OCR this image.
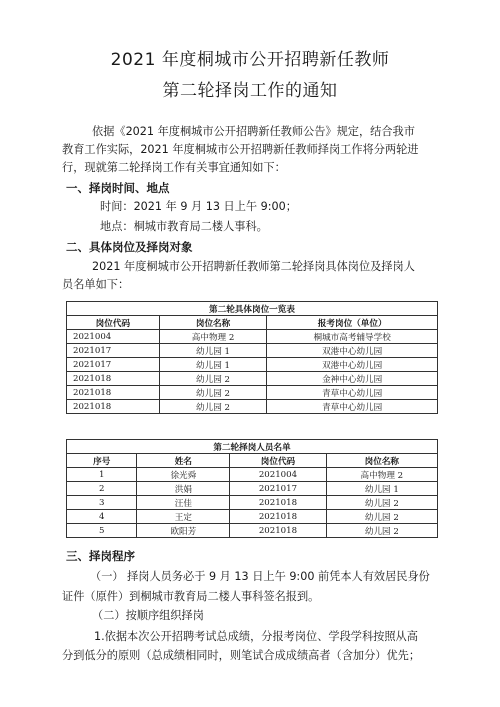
2021 年度桐城市公开招聘新任教师
第二轮择岗工作的通知
依据《2021 年度桐城市公开招聘新任教师公告》规定，结合我市
教育工作实际，2021 年度桐城市公开招聘新任教师择岗工作将分两轮进
行，现就第二轮择岗工作有关事宜通知如下：
一、择岗时间、地点
时间：2021 年 9 月 13 日上午 9:00；
地点：桐城市教育局二楼人事科。
二、具体岗位及择岗对象
2021 年度桐城市公开招聘新任教师第二轮择岗具体岗位及择岗人
员名单如下：
第二轮具体岗位一览表		
岗位代码	岗位名称	报考岗位（单位）
2021004	高中物理 2	桐城市高考辅导学校
2021017	幼儿园 1	双港中心幼儿园
2021017	幼儿园 1	双港中心幼儿园
2021018	幼儿园 2	金神中心幼儿园
2021018	幼儿园 2	青草中心幼儿园
2021018	幼儿园 2	青草中心幼儿园
第二轮择岗人员名单			
序号	姓名	岗位代码	岗位名称
1	徐光舜	2021004	高中物理 2
2	洪娟	2021017	幼儿园 1
3	汪佳	2021018	幼儿园 2
4	王定	2021018	幼儿园 2
5	欧阳芳	2021018	幼儿园 2
三、择岗程序
（一） 择岗人员务必于 9 月 13 日上午 9:00 前凭本人有效居民身份
证件（原件）到桐城市教育局二楼人事科签名报到。
（二）按顺序组织择岗
1.依据本次公开招聘考试总成绩，分报考岗位、学段学科按照从高
分到低分的原则（总成绩相同时，则笔试合成成绩高者（含加分）优先；
